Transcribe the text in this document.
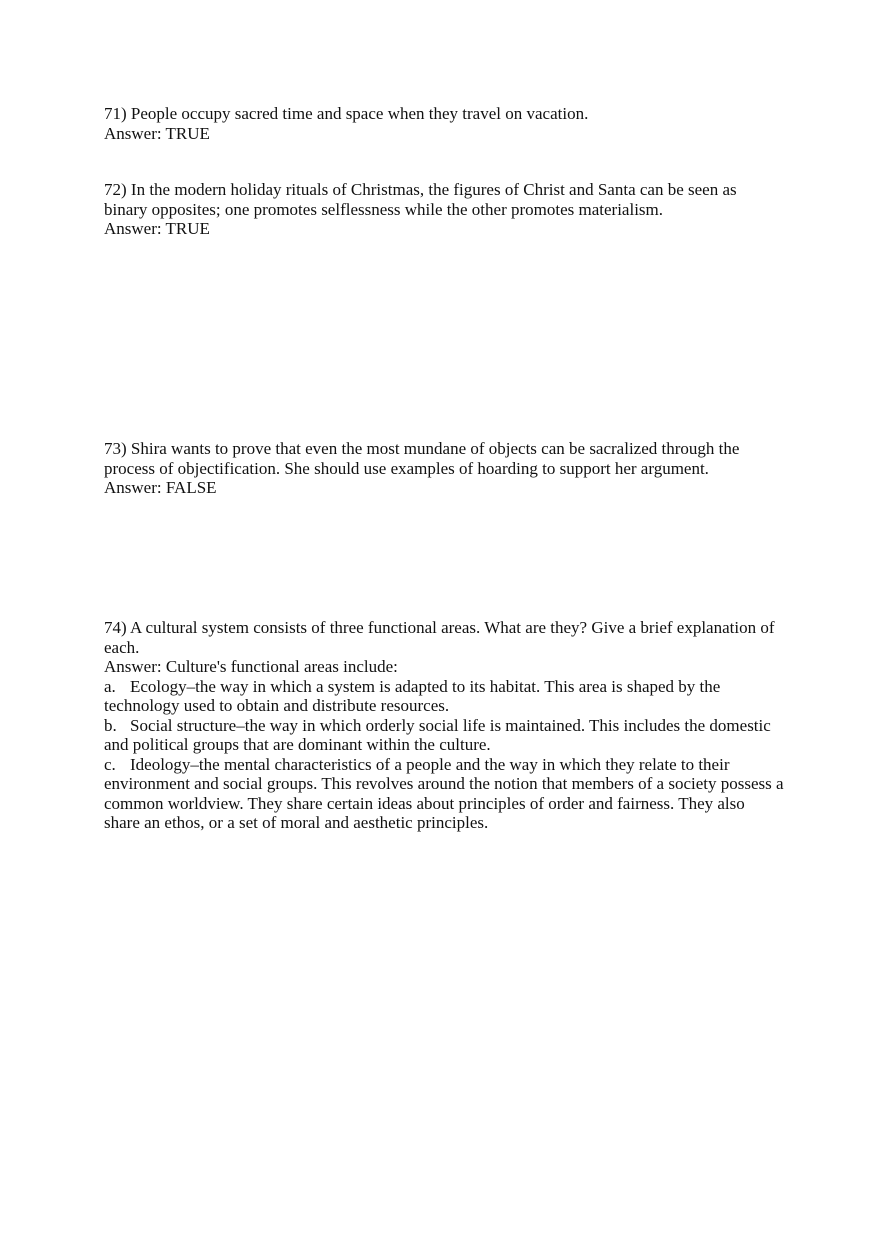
71) People occupy sacred time and space when they travel on vacation.

Answer: TRUE

72) In the modern holiday rituals of Christmas, the figures of Christ and Santa can be seen as binary opposites; one promotes selflessness while the other promotes materialism.

Answer: TRUE

73) Shira wants to prove that even the most mundane of objects can be sacralized through the process of objectification. She should use examples of hoarding to support her argument.

Answer: FALSE

74) A cultural system consists of three functional areas. What are they? Give a brief explanation of each.

Answer: Culture's functional areas include:

a. Ecology–the way in which a system is adapted to its habitat. This area is shaped by the technology used to obtain and distribute resources.

b. Social structure–the way in which orderly social life is maintained. This includes the domestic and political groups that are dominant within the culture.

c. Ideology–the mental characteristics of a people and the way in which they relate to their environment and social groups. This revolves around the notion that members of a society possess a common worldview. They share certain ideas about principles of order and fairness. They also share an ethos, or a set of moral and aesthetic principles.
